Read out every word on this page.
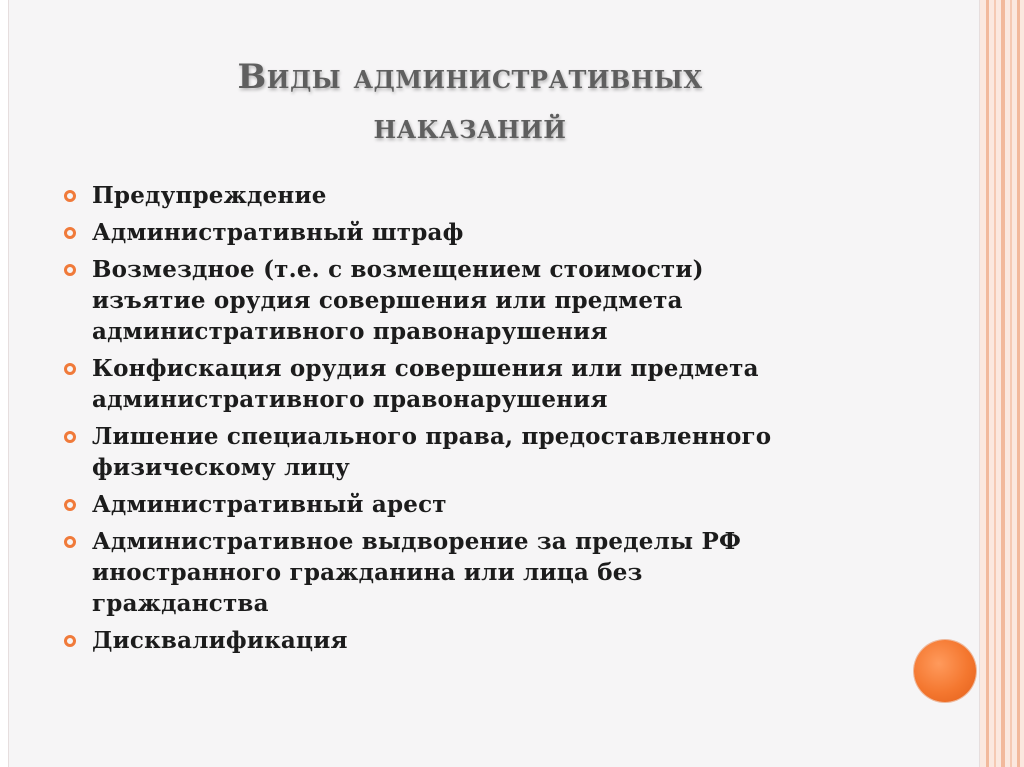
Виды административных
наказаний
Предупреждение
Административный штраф
Возмездное (т.е. с возмещением стоимости)
изъятие орудия совершения или предмета
административного правонарушения
Конфискация орудия совершения или предмета
административного правонарушения
Лишение специального права, предоставленного
физическому лицу
Административный арест
Административное выдворение за пределы РФ
иностранного гражданина или лица без
гражданства
Дисквалификация
